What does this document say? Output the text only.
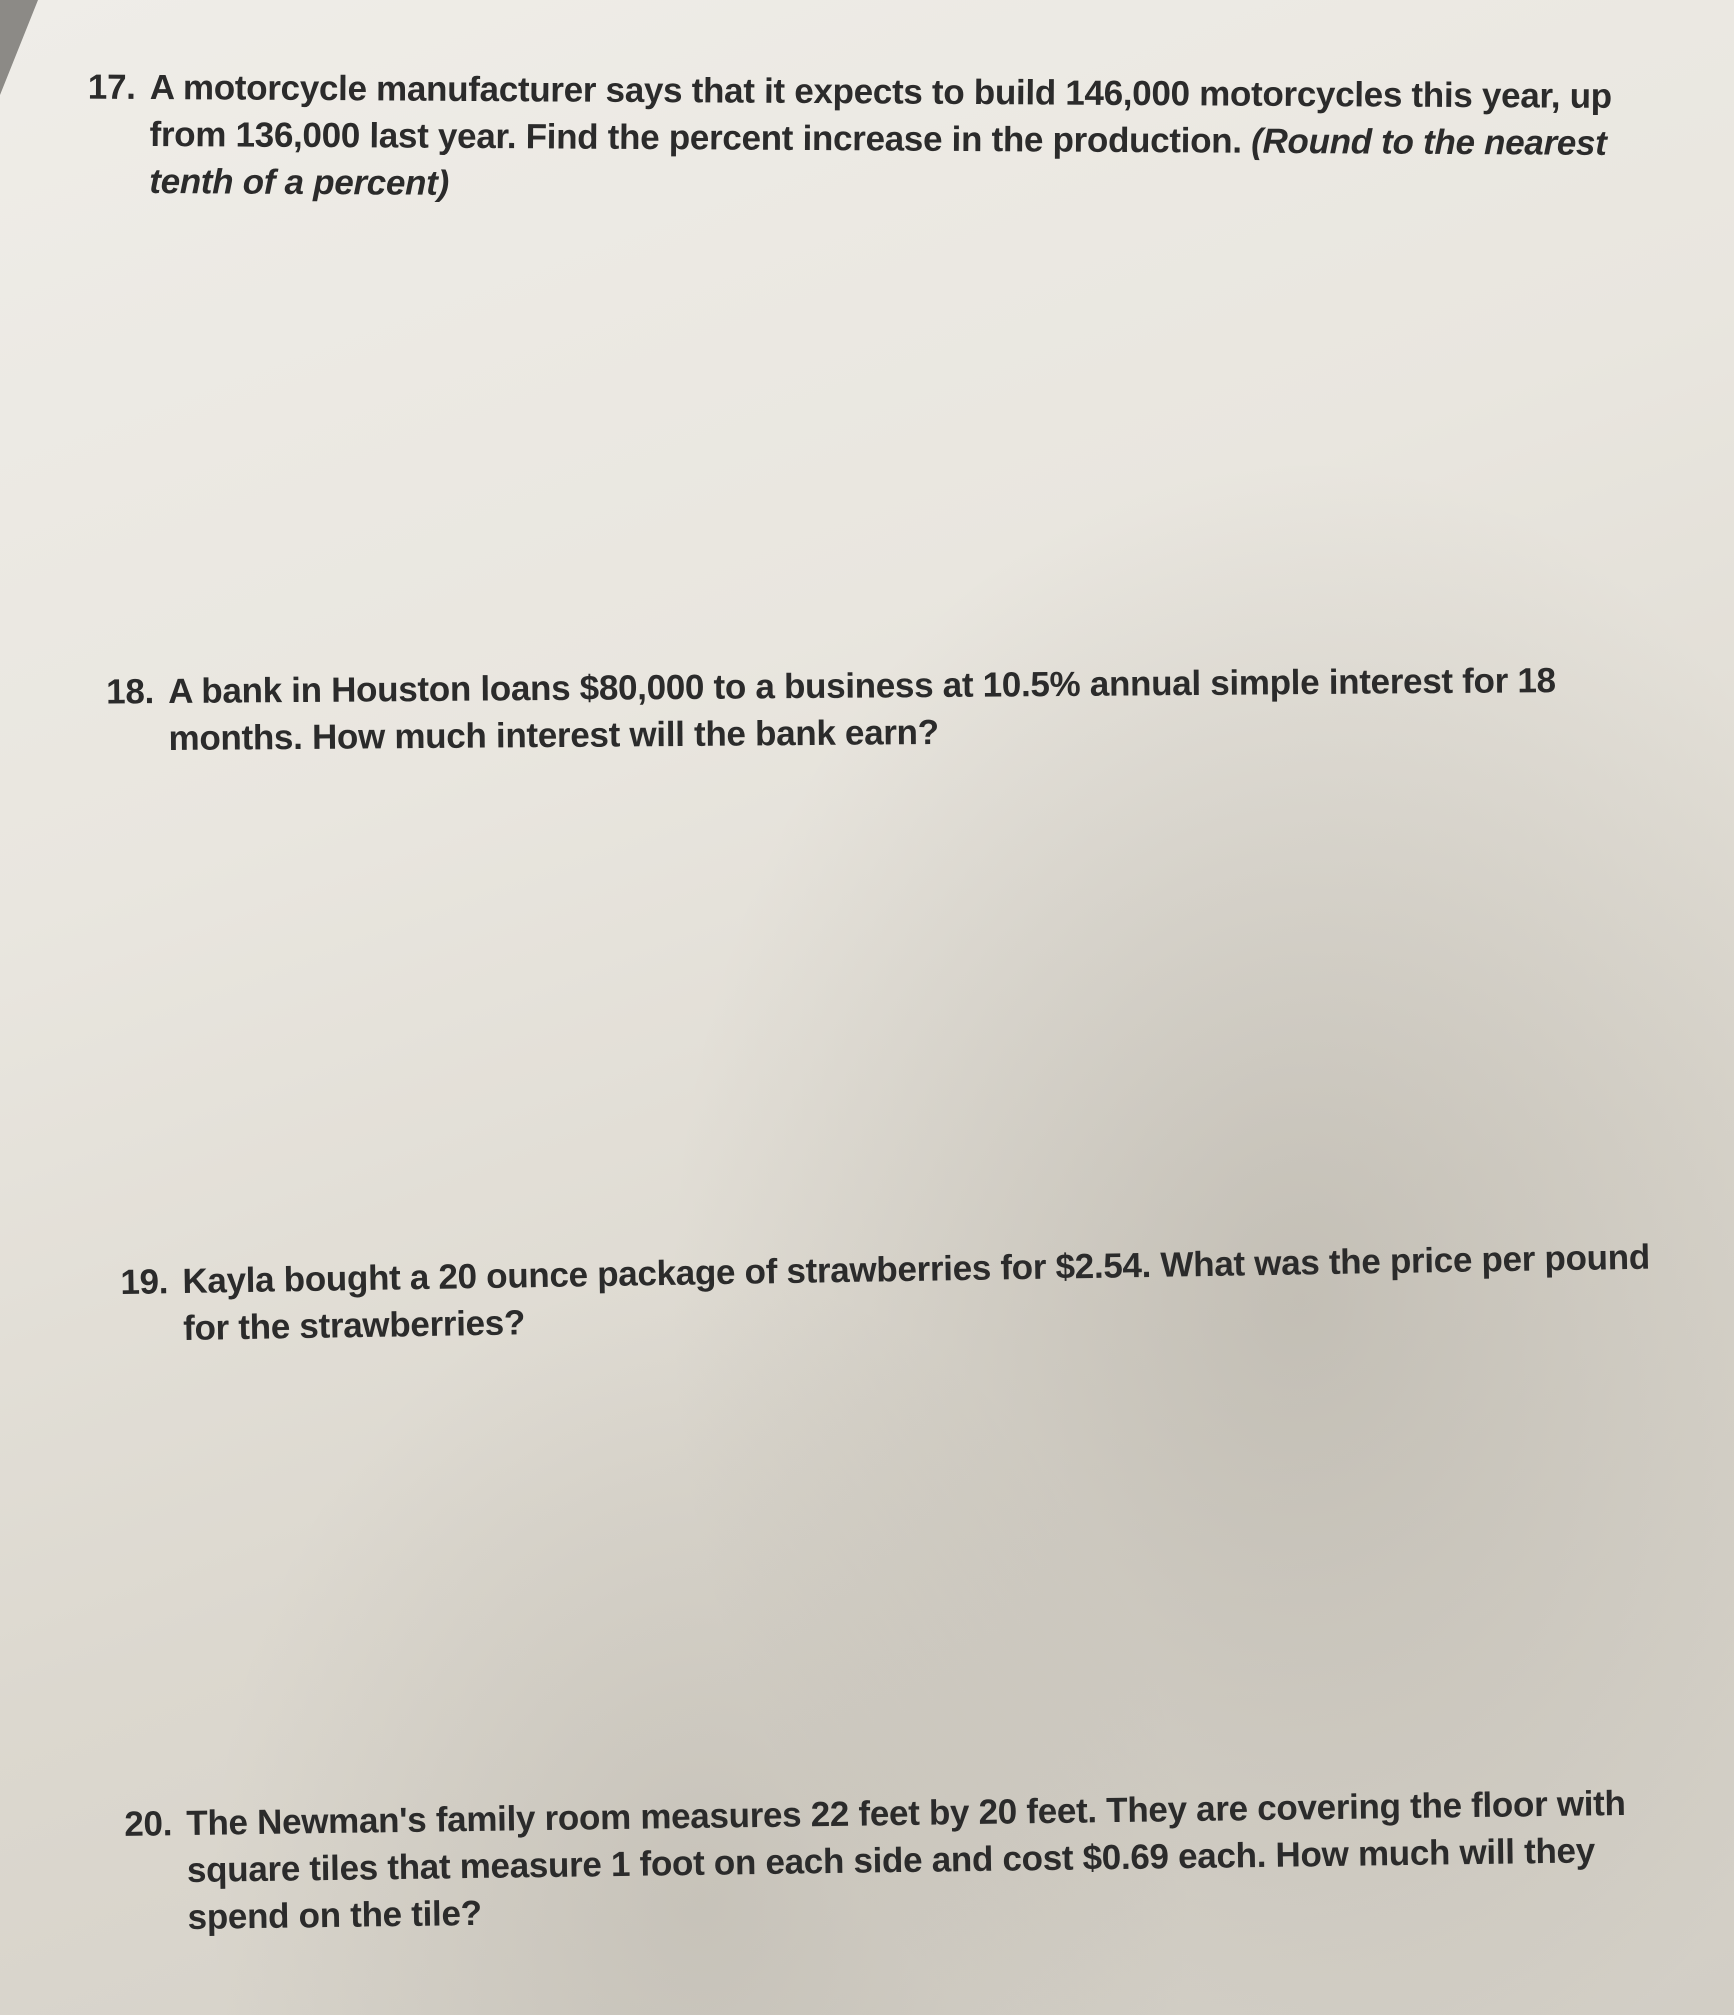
17. A motorcycle manufacturer says that it expects to build 146,000 motorcycles this year, up
from 136,000 last year. Find the percent increase in the production. (Round to the nearest
tenth of a percent)
18. A bank in Houston loans $80,000 to a business at 10.5% annual simple interest for 18
months. How much interest will the bank earn?
19. Kayla bought a 20 ounce package of strawberries for $2.54. What was the price per pound
for the strawberries?
20. The Newman's family room measures 22 feet by 20 feet. They are covering the floor with
square tiles that measure 1 foot on each side and cost $0.69 each. How much will they
spend on the tile?
